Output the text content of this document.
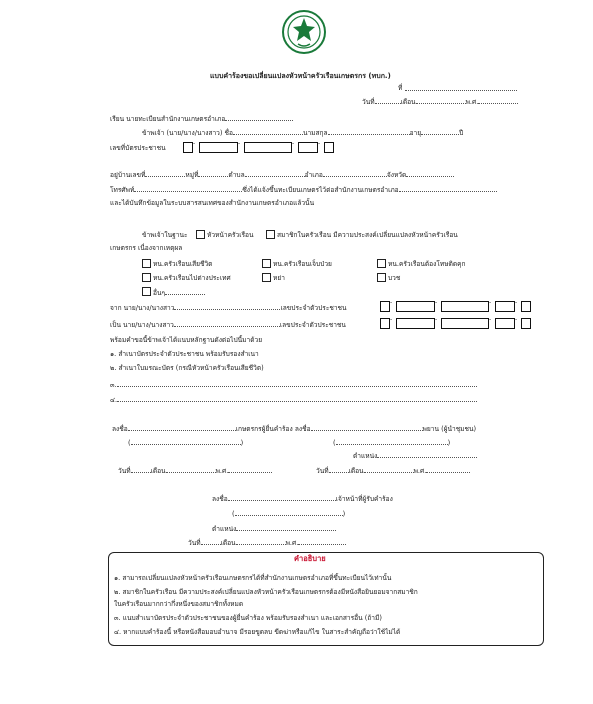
แบบคำร้องขอเปลี่ยนแปลงหัวหน้าครัวเรือนเกษตรกร (ทบก.)
ที่
วันที่	เดือน	พ.ศ.
เรียน นายทะเบียนสำนักงานเกษตรอำเภอ
ข้าพเจ้า (นาย/นาง/นางสาว) ชื่อ	นามสกุล	อายุ	ปี
เลขที่บัตรประชาชน
-	-	-	-
อยู่บ้านเลขที่	หมู่ที่	ตำบล	อำเภอ	จังหวัด
โทรศัพท์	ซึ่งได้แจ้งขึ้นทะเบียนเกษตรไว้ต่อสำนักงานเกษตรอำเภอ
และได้บันทึกข้อมูลในระบบสารสนเทศของสำนักงานเกษตรอำเภอแล้วนั้น
ข้าพเจ้าในฐานะ	หัวหน้าครัวเรือน	สมาชิกในครัวเรือน มีความประสงค์เปลี่ยนแปลงหัวหน้าครัวเรือน
เกษตรกร เนื่องจากเหตุผล
หน.ครัวเรือนเสียชีวิต	หน.ครัวเรือนเจ็บป่วย	หน.ครัวเรือนต้องโทษติดคุก
หน.ครัวเรือนไปต่างประเทศ	หย่า	บวช
อื่นๆ
จาก นาย/นาง/นางสาว	เลขประจำตัวประชาชน
-	-	-	-
เป็น นาย/นาง/นางสาว	เลขประจำตัวประชาชน
-	-	-	-
พร้อมคำขอนี้ข้าพเจ้าได้แนบหลักฐานดังต่อไปนี้มาด้วย
๑. สำเนาบัตรประจำตัวประชาชน พร้อมรับรองสำเนา
๒. สำเนาใบมรณะบัตร (กรณีหัวหน้าครัวเรือนเสียชีวิต)
๓.
๔.
ลงชื่อ	เกษตรกรผู้ยื่นคำร้อง ลงชื่อ	พยาน (ผู้นำชุมชน)
(	)	(	)
ตำแหน่ง
วันที่	เดือน	พ.ศ.	วันที่	เดือน	พ.ศ.
ลงชื่อ	เจ้าหน้าที่ผู้รับคำร้อง
(	)
ตำแหน่ง
วันที่	เดือน	พ.ศ.
คำอธิบาย
๑. สามารถเปลี่ยนแปลงหัวหน้าครัวเรือนเกษตรกรได้ที่สำนักงานเกษตรอำเภอที่ขึ้นทะเบียนไว้เท่านั้น
๒. สมาชิกในครัวเรือน มีความประสงค์เปลี่ยนแปลงหัวหน้าครัวเรือนเกษตรกรต้องมีหนังสือยินยอมจากสมาชิก
ในครัวเรือนมากกว่ากึ่งหนึ่งของสมาชิกทั้งหมด
๓. แนบสำเนาบัตรประจำตัวประชาชนของผู้ยื่นคำร้อง พร้อมรับรองสำเนา และเอกสารอื่น (ถ้ามี)
๔. หากแบบคำร้องนี้ หรือหนังสือมอบอำนาจ มีรอยขูดลบ ขีดฆ่าหรือแก้ไข ในสาระสำคัญถือว่าใช้ไม่ได้
